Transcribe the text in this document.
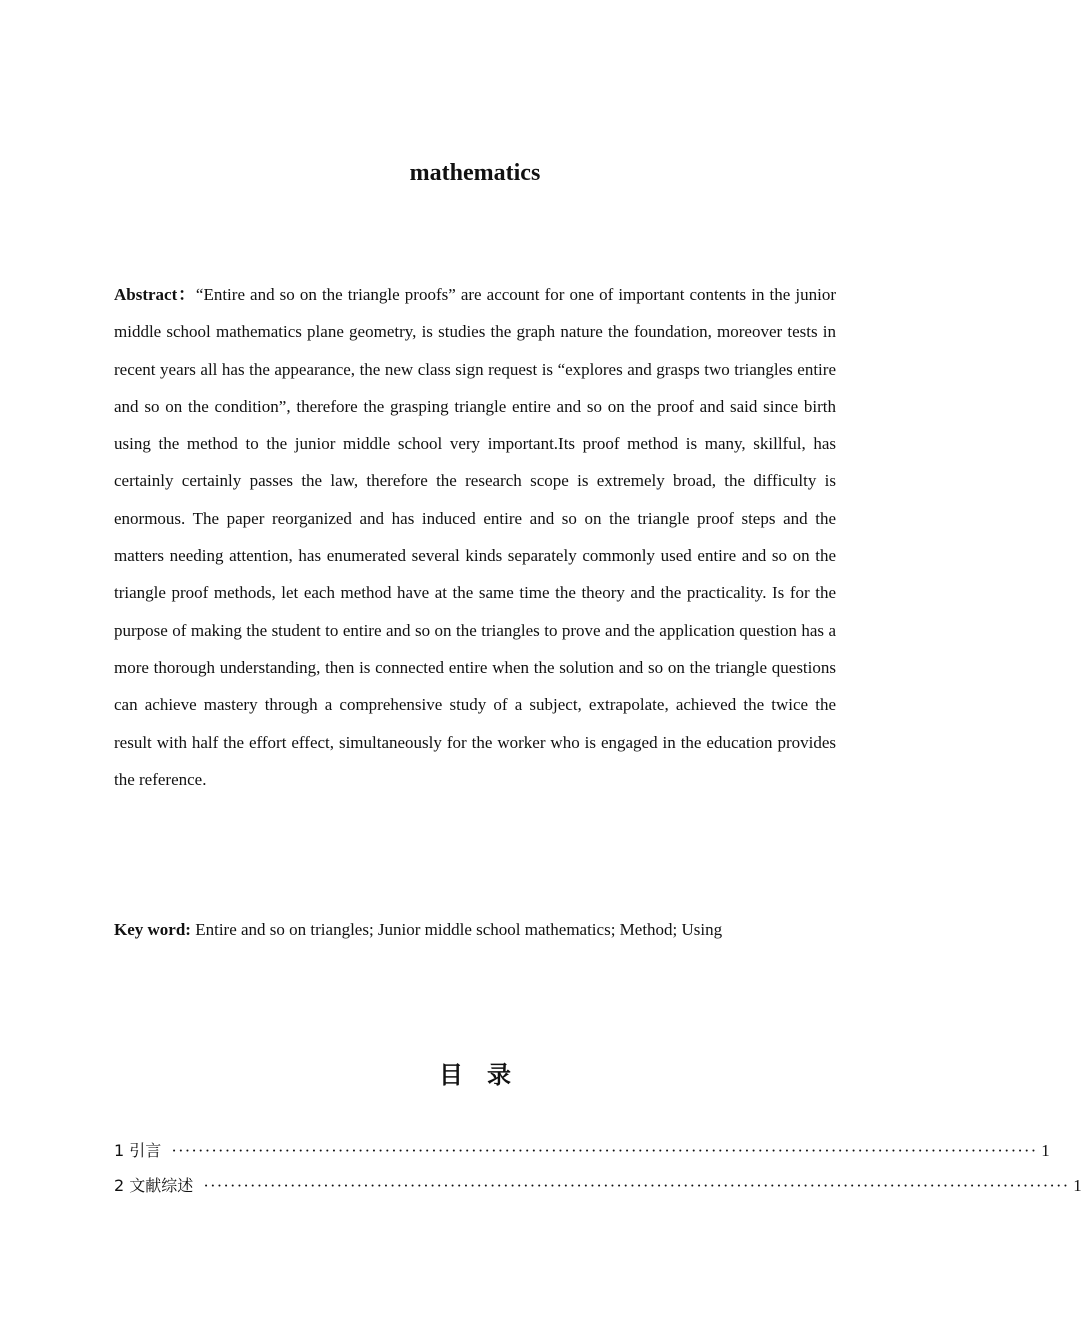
mathematics

Abstract：“Entire and so on the triangle proofs” are account for one of important contents in the junior middle school mathematics plane geometry, is studies the graph nature the foundation, moreover tests in recent years all has the appearance, the new class sign request is “explores and grasps two triangles entire and so on the condition”, therefore the grasping triangle entire and so on the proof and said since birth using the method to the junior middle school very important.Its proof method is many, skillful, has certainly certainly passes the law, therefore the research scope is extremely broad, the difficulty is enormous. The paper reorganized and has induced entire and so on the triangle proof steps and the matters needing attention, has enumerated several kinds separately commonly used entire and so on the triangle proof methods, let each method have at the same time the theory and the practicality. Is for the purpose of making the student to entire and so on the triangles to prove and the application question has a more thorough understanding, then is connected entire when the solution and so on the triangle questions can achieve mastery through a comprehensive study of a subject, extrapolate, achieved the twice the result with half the effort effect, simultaneously for the worker who is engaged in the education provides the reference.

Key word: Entire and so on triangles; Junior middle school mathematics; Method; Using

目 录
1 引言 ·································································································································· 1
2 文献综述 ·································································································································· 1
